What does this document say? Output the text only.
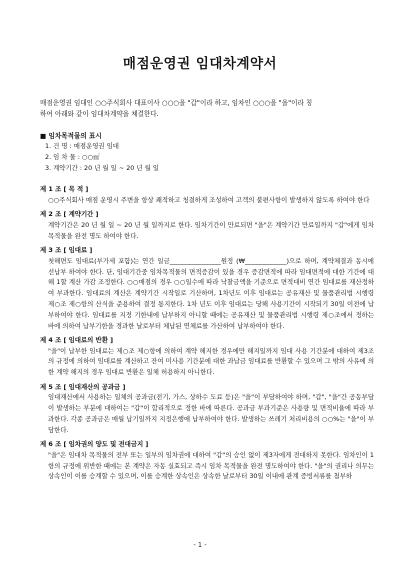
매점운영권 임대차계약서
매점운영권 임대인 ○○주식회사 대표이사 ○○○을 "갑"이라 하고, 임차인 ○○○을 "을"이라 칭
하여 아래와 같이 임대차계약을 체결한다.
■ 임차목적물의 표시
1. 건 명 : 매점운영권 임대
2. 임 차 물 : ○○㎡
3. 계약기간 : 20 년 월 일 ~ 20 년 월 일
제 1 조 [ 목 적 ]
○○주식회사 매점 운영시 주변을 항상 쾌적하고 청결하게 조성하여 고객의 불편사항이 발생하지 않도록 하여야 한다
제 2 조 [ 계약기간 ]
계약기간은 20 년 월 일 ~ 20 년 월 일까지로 한다. 임차기간이 만료되면 "을"은 계약기간 만료일까지 "갑"에게 임차 목적물을 완전 명도 하여야 한다.
제 3 조 [ 임대료 ]
첫해면도 임대료(부가세 포함)는 연간 일금________________원정 (₩_____________)으로 하며, 계약체결과 동시에 선납부 하여야 한다. 단, 임대기간중 임차목적물의 면적증감이 있을 경우 증감면적에 따라 임대면적에 대한 기간에 대해 1할 계산 가감 조정한다. ○○매점의 경우 ○○일수에 따라 낙찰금액을 기준으로 면적대비 연간 임대료를 재산정하여 부과한다. 임대료의 계산은 계약기간 시작일로 기산하며, 1차년도 이후 임대료는 공유재산 및 물품관리법 시행령 제○조 제○항의 산식을 준용하여 결정 통지한다. 1차 년도 이후 임대료는 당해 사용기간이 시작되기 30일 이전에 납부하여야 한다. 임대료를 지정 기한내에 납부하지 아니할 때에는 공유재산 및 물품관리법 시행령 제○조에서 정하는 바에 의하여 납부기한을 경과한 날로부터 체납된 연체료를 가산하여 납부하여야 한다.
제 4 조 [ 임대료의 반환 ]
"을"이 납부한 임대료는 제○조 제○항에 의하여 계약 해지한 경우에만 해지일까지 임대 사용 기간분에 대하여 제3조의 규정에 의하여 임대료를 계산하고 잔여 미사용 기간분에 대한 과납금 임대료를 반환할 수 있으며 그 밖의 사유에 의한 계약 해지의 경우 임대료 반환은 일체 허용하지 아니한다.
제 5 조 [ 임대재산의 공과금 ]
임대재산에서 사용하는 일체의 공과금(전기, 가스, 상하수 도료 등)은 "을"이 부담하여야 하며, "갑", "을"간 공동부담이 발생하는 부분에 대하여는 "갑"이 합리적으로 정한 바에 따른다. 공과금 부과기준은 사용량 및 면적비율에 따라 부과한다. 각종 공과금은 매월 납기일까지 지정은행에 납부하여야 한다. 발생하는 쓰레기 처리비용의 ○○%는 "을"이 부담한다.
제 6 조 [ 임차권의 양도 및 전대금지 ]
"을"은 임대차 목적물의 전부 또는 일부의 임차권에 대하여 "갑"의 승인 없이 제3자에게 전대하지 못한다. 임차인이 1항의 규정에 위반한 때에는 본 계약은 자동 실효되고 즉시 임차 목적물을 완전 명도하여야 한다. "을"의 권리나 의무는 상속인이 이를 승계할 수 있으며, 이를 승계한 상속인은 상속한 날로부터 30일 이내에 관계 증빙서류를 첨부하
- 1 -
